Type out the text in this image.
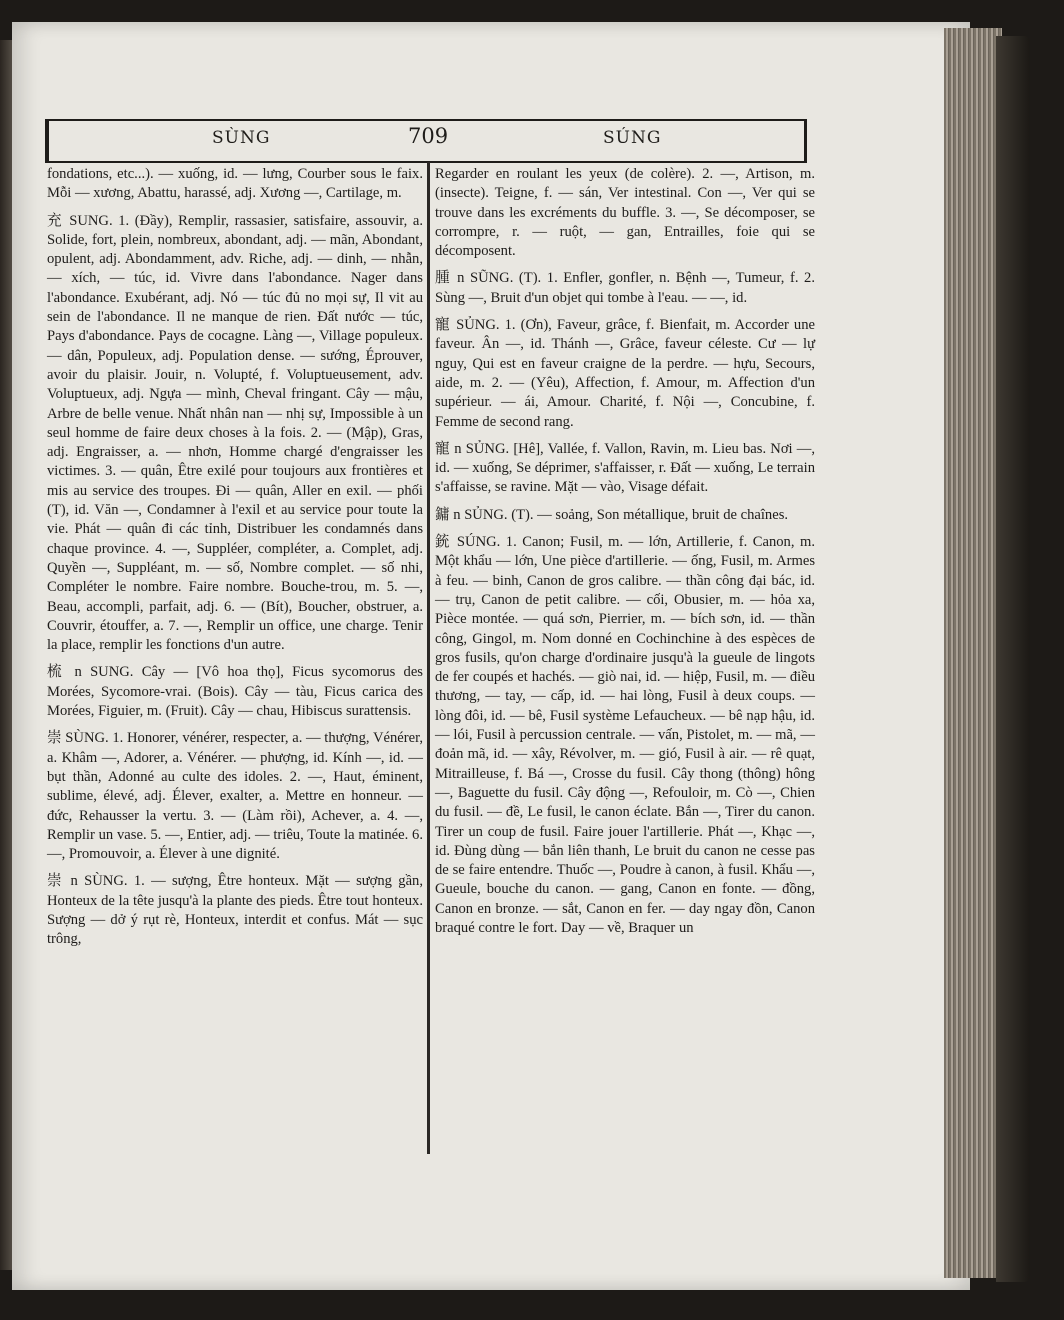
SÙNG	709	SÚNG

fondations, etc...). — xuống, id. — lưng, Courber sous le faix. Mỗi — xương, Abattu, harassé, adj. Xương —, Cartilage, m.

充 SUNG. 1. (Đầy), Remplir, rassasier, satisfaire, assouvir, a. Solide, fort, plein, nombreux, abondant, adj. — mãn, Abondant, opulent, adj. Abondamment, adv. Riche, adj. — dinh, — nhẫn, — xích, — túc, id. Vivre dans l'abondance. Nager dans l'abondance. Exubérant, adj. Nó — túc đủ no mọi sự, Il vit au sein de l'abondance. Il ne manque de rien. Đất nước — túc, Pays d'abondance. Pays de cocagne. Làng —, Village populeux. — dân, Populeux, adj. Population dense. — sướng, Éprouver, avoir du plaisir. Jouir, n. Volupté, f. Voluptueusement, adv. Voluptueux, adj. Ngựa — mình, Cheval fringant. Cây — mậu, Arbre de belle venue. Nhất nhân nan — nhị sự, Impossible à un seul homme de faire deux choses à la fois. 2. — (Mập), Gras, adj. Engraisser, a. — nhơn, Homme chargé d'engraisser les victimes. 3. — quân, Être exilé pour toujours aux frontières et mis au service des troupes. Đi — quân, Aller en exil. — phối (T), id. Văn —, Condamner à l'exil et au service pour toute la vie. Phát — quân đi các tỉnh, Distribuer les condamnés dans chaque province. 4. —, Suppléer, compléter, a. Complet, adj. Quyền —, Suppléant, m. — số, Nombre complet. — số nhi, Compléter le nombre. Faire nombre. Bouche-trou, m. 5. —, Beau, accompli, parfait, adj. 6. — (Bít), Boucher, obstruer, a. Couvrir, étouffer, a. 7. —, Remplir un office, une charge. Tenir la place, remplir les fonctions d'un autre.

梳 n SUNG. Cây — [Vô hoa thọ], Ficus sycomorus des Morées, Sycomore-vrai. (Bois). Cây — tàu, Ficus carica des Morées, Figuier, m. (Fruit). Cây — chau, Hibiscus surattensis.

崇 SÙNG. 1. Honorer, vénérer, respecter, a. — thượng, Vénérer, a. Khâm —, Adorer, a. Vénérer. — phượng, id. Kính —, id. — bụt thần, Adonné au culte des idoles. 2. —, Haut, éminent, sublime, élevé, adj. Élever, exalter, a. Mettre en honneur. — đức, Rehausser la vertu. 3. — (Làm rồi), Achever, a. 4. —, Remplir un vase. 5. —, Entier, adj. — triêu, Toute la matinée. 6. —, Promouvoir, a. Élever à une dignité.

崇 n SÙNG. 1. — sượng, Être honteux. Mặt — sượng gần, Honteux de la tête jusqu'à la plante des pieds. Être tout honteux. Sượng — dở ý rụt rè, Honteux, interdit et confus. Mát — sục trông,

Regarder en roulant les yeux (de colère). 2. —, Artison, m. (insecte). Teigne, f. — sán, Ver intestinal. Con —, Ver qui se trouve dans les excréments du buffle. 3. —, Se décomposer, se corrompre, r. — ruột, — gan, Entrailles, foie qui se décomposent.

腫 n SŨNG. (T). 1. Enfler, gonfler, n. Bệnh —, Tumeur, f. 2. Sùng —, Bruit d'un objet qui tombe à l'eau. — —, id.

寵 SỦNG. 1. (Ơn), Faveur, grâce, f. Bienfait, m. Accorder une faveur. Ân —, id. Thánh —, Grâce, faveur céleste. Cư — lự nguy, Qui est en faveur craigne de la perdre. — hựu, Secours, aide, m. 2. — (Yêu), Affection, f. Amour, m. Affection d'un supérieur. — ái, Amour. Charité, f. Nội —, Concubine, f. Femme de second rang.

寵 n SỦNG. [Hê], Vallée, f. Vallon, Ravin, m. Lieu bas. Nơi —, id. — xuống, Se déprimer, s'affaisser, r. Đất — xuống, Le terrain s'affaisse, se ravine. Mặt — vào, Visage défait.

鏞 n SỦNG. (T). — soảng, Son métallique, bruit de chaînes.

銃 SÚNG. 1. Canon; Fusil, m. — lớn, Artillerie, f. Canon, m. Một khẩu — lớn, Une pièce d'artillerie. — ống, Fusil, m. Armes à feu. — binh, Canon de gros calibre. — thần công đại bác, id. — trụ, Canon de petit calibre. — cối, Obusier, m. — hỏa xa, Pièce montée. — quá sơn, Pierrier, m. — bích sơn, id. — thần công, Gingol, m. Nom donné en Cochinchine à des espèces de gros fusils, qu'on charge d'ordinaire jusqu'à la gueule de lingots de fer coupés et hachés. — giò nai, id. — hiệp, Fusil, m. — điều thương, — tay, — cấp, id. — hai lòng, Fusil à deux coups. — lòng đôi, id. — bê, Fusil système Lefaucheux. — bê nạp hậu, id. — lói, Fusil à percussion centrale. — vấn, Pistolet, m. — mã, — đoản mã, id. — xây, Révolver, m. — gió, Fusil à air. — rê quạt, Mitrailleuse, f. Bá —, Crosse du fusil. Cây thong (thông) hông —, Baguette du fusil. Cây động —, Refouloir, m. Cò —, Chien du fusil. — đề, Le fusil, le canon éclate. Bắn —, Tirer du canon. Tirer un coup de fusil. Faire jouer l'artillerie. Phát —, Khạc —, id. Đùng dùng — bắn liên thanh, Le bruit du canon ne cesse pas de se faire entendre. Thuốc —, Poudre à canon, à fusil. Khẩu —, Gueule, bouche du canon. — gang, Canon en fonte. — đồng, Canon en bronze. — sắt, Canon en fer. — day ngay đồn, Canon braqué contre le fort. Day — về, Braquer un
